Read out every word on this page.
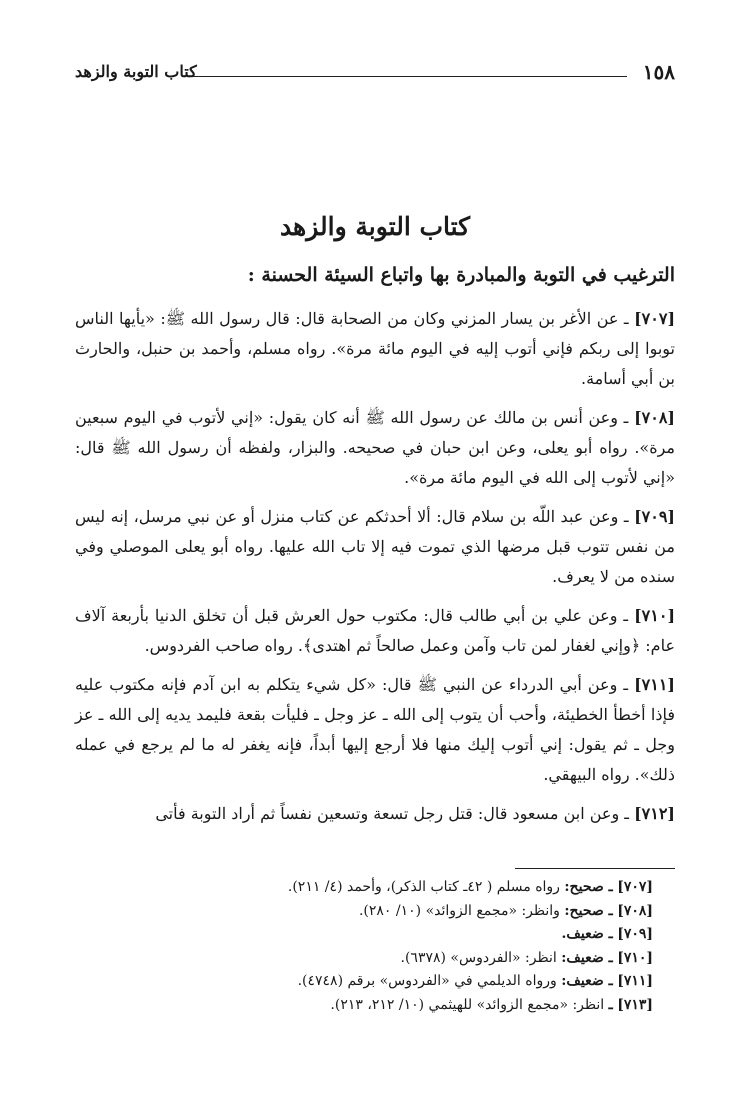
١٥٨
كتاب التوبة والزهد
كتاب التوبة والزهد
الترغيب في التوبة والمبادرة بها واتباع السيئة الحسنة :

[٧٠٧] ـ عن الأغر بن يسار المزني وكان من الصحابة قال: قال رسول الله ﷺ: «يأيها الناس توبوا إلى ربكم فإني أتوب إليه في اليوم مائة مرة». رواه مسلم، وأحمد بن حنبل، والحارث بن أبي أسامة.

[٧٠٨] ـ وعن أنس بن مالك عن رسول الله ﷺ أنه كان يقول: «إني لأتوب في اليوم سبعين مرة». رواه أبو يعلى، وعن ابن حبان في صحيحه. والبزار، ولفظه أن رسول الله ﷺ قال: «إني لأتوب إلى الله في اليوم مائة مرة».

[٧٠٩] ـ وعن عبد اللّه بن سلام قال: ألا أحدثكم عن كتاب منزل أو عن نبي مرسل، إنه ليس من نفس تتوب قبل مرضها الذي تموت فيه إلا تاب الله عليها. رواه أبو يعلى الموصلي وفي سنده من لا يعرف.

[٧١٠] ـ وعن علي بن أبي طالب قال: مكتوب حول العرش قبل أن تخلق الدنيا بأربعة آلاف عام: ﴿وإني لغفار لمن تاب وآمن وعمل صالحاً ثم اهتدى﴾. رواه صاحب الفردوس.

[٧١١] ـ وعن أبي الدرداء عن النبي ﷺ قال: «كل شيء يتكلم به ابن آدم فإنه مكتوب عليه فإذا أخطأ الخطيئة، وأحب أن يتوب إلى الله ـ عز وجل ـ فليأت بقعة فليمد يديه إلى الله ـ عز وجل ـ ثم يقول: إني أتوب إليك منها فلا أرجع إليها أبداً، فإنه يغفر له ما لم يرجع في عمله ذلك». رواه البيهقي.

[٧١٢] ـ وعن ابن مسعود قال: قتل رجل تسعة وتسعين نفساً ثم أراد التوبة فأتى

[٧٠٧] ـ صحيح: رواه مسلم ( ٤٢ـ كتاب الذكر)، وأحمد (٤/ ٢١١).

[٧٠٨] ـ صحيح: وانظر: «مجمع الزوائد» (١٠/ ٢٨٠).

[٧٠٩] ـ ضعيف.

[٧١٠] ـ ضعيف: انظر: «الفردوس» (٦٣٧٨).

[٧١١] ـ ضعيف: ورواه الديلمي في «الفردوس» برقم (٤٧٤٨).

[٧١٣] ـ انظر: «مجمع الزوائد» للهيثمي (١٠/ ٢١٢، ٢١٣).
